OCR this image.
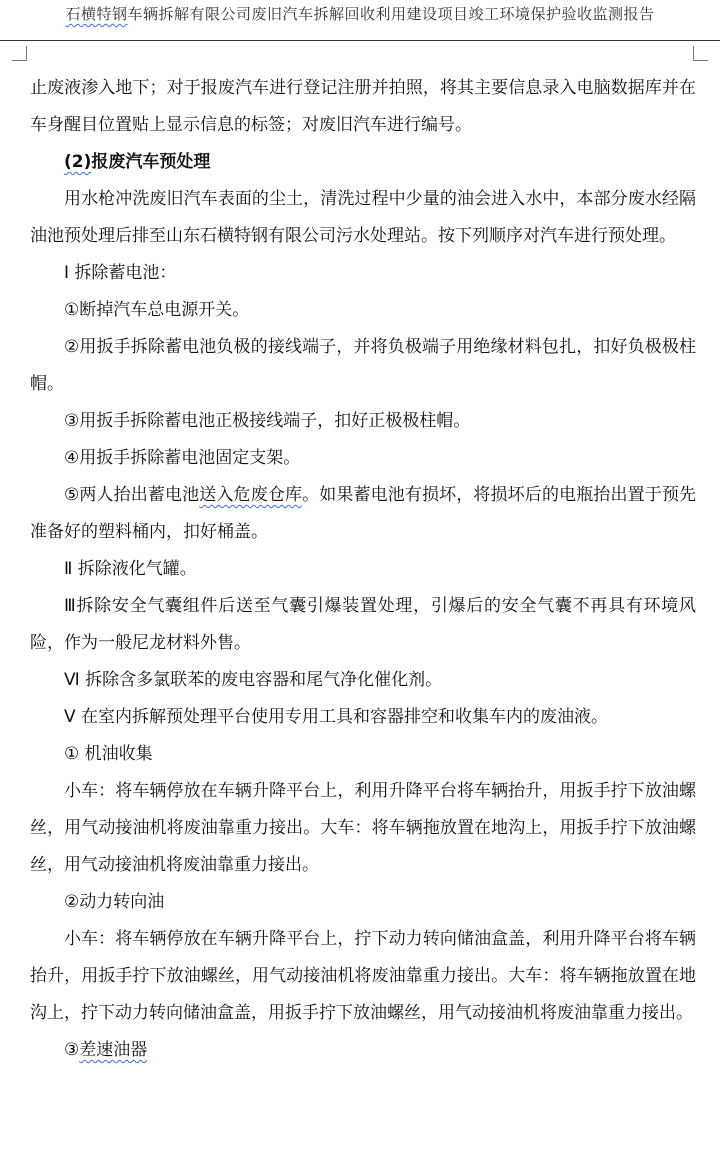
石横特钢车辆拆解有限公司废旧汽车拆解回收利用建设项目竣工环境保护验收监测报告

止废液渗入地下；对于报废汽车进行登记注册并拍照，将其主要信息录入电脑数据库并在车身醒目位置贴上显示信息的标签；对废旧汽车进行编号。

(2)报废汽车预处理

用水枪冲洗废旧汽车表面的尘土，清洗过程中少量的油会进入水中，本部分废水经隔油池预处理后排至山东石横特钢有限公司污水处理站。按下列顺序对汽车进行预处理。

Ⅰ 拆除蓄电池：

①断掉汽车总电源开关。

②用扳手拆除蓄电池负极的接线端子，并将负极端子用绝缘材料包扎，扣好负极极柱帽。

③用扳手拆除蓄电池正极接线端子，扣好正极极柱帽。

④用扳手拆除蓄电池固定支架。

⑤两人抬出蓄电池送入危废仓库。如果蓄电池有损坏，将损坏后的电瓶抬出置于预先准备好的塑料桶内，扣好桶盖。

Ⅱ 拆除液化气罐。

Ⅲ拆除安全气囊组件后送至气囊引爆装置处理，引爆后的安全气囊不再具有环境风险，作为一般尼龙材料外售。

Ⅵ 拆除含多氯联苯的废电容器和尾气净化催化剂。

Ⅴ 在室内拆解预处理平台使用专用工具和容器排空和收集车内的废油液。

① 机油收集

小车：将车辆停放在车辆升降平台上，利用升降平台将车辆抬升，用扳手拧下放油螺丝，用气动接油机将废油靠重力接出。大车：将车辆拖放置在地沟上，用扳手拧下放油螺丝，用气动接油机将废油靠重力接出。

②动力转向油

小车：将车辆停放在车辆升降平台上，拧下动力转向储油盒盖，利用升降平台将车辆抬升，用扳手拧下放油螺丝，用气动接油机将废油靠重力接出。大车：将车辆拖放置在地沟上，拧下动力转向储油盒盖，用扳手拧下放油螺丝，用气动接油机将废油靠重力接出。

③差速油器
